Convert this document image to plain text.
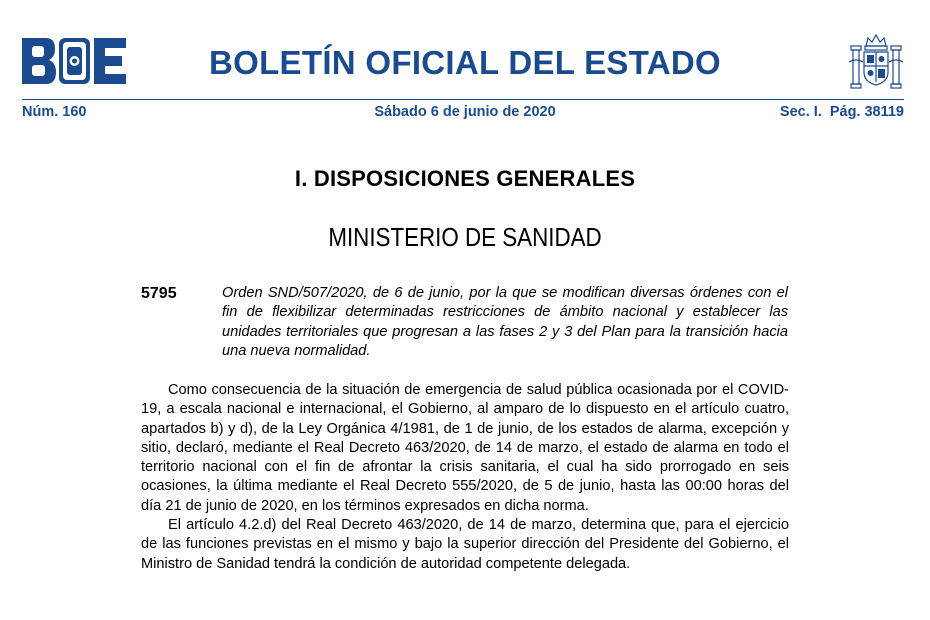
BOLETÍN OFICIAL DEL ESTADO
Núm. 160	Sábado 6 de junio de 2020	Sec. I. Pág. 38119
I. DISPOSICIONES GENERALES
MINISTERIO DE SANIDAD
5795	Orden SND/507/2020, de 6 de junio, por la que se modifican diversas órdenes con el fin de flexibilizar determinadas restricciones de ámbito nacional y establecer las unidades territoriales que progresan a las fases 2 y 3 del Plan para la transición hacia una nueva normalidad.

Como consecuencia de la situación de emergencia de salud pública ocasionada por el COVID-19, a escala nacional e internacional, el Gobierno, al amparo de lo dispuesto en el artículo cuatro, apartados b) y d), de la Ley Orgánica 4/1981, de 1 de junio, de los estados de alarma, excepción y sitio, declaró, mediante el Real Decreto 463/2020, de 14 de marzo, el estado de alarma en todo el territorio nacional con el fin de afrontar la crisis sanitaria, el cual ha sido prorrogado en seis ocasiones, la última mediante el Real Decreto 555/2020, de 5 de junio, hasta las 00:00 horas del día 21 de junio de 2020, en los términos expresados en dicha norma.

El artículo 4.2.d) del Real Decreto 463/2020, de 14 de marzo, determina que, para el ejercicio de las funciones previstas en el mismo y bajo la superior dirección del Presidente del Gobierno, el Ministro de Sanidad tendrá la condición de autoridad competente delegada.
